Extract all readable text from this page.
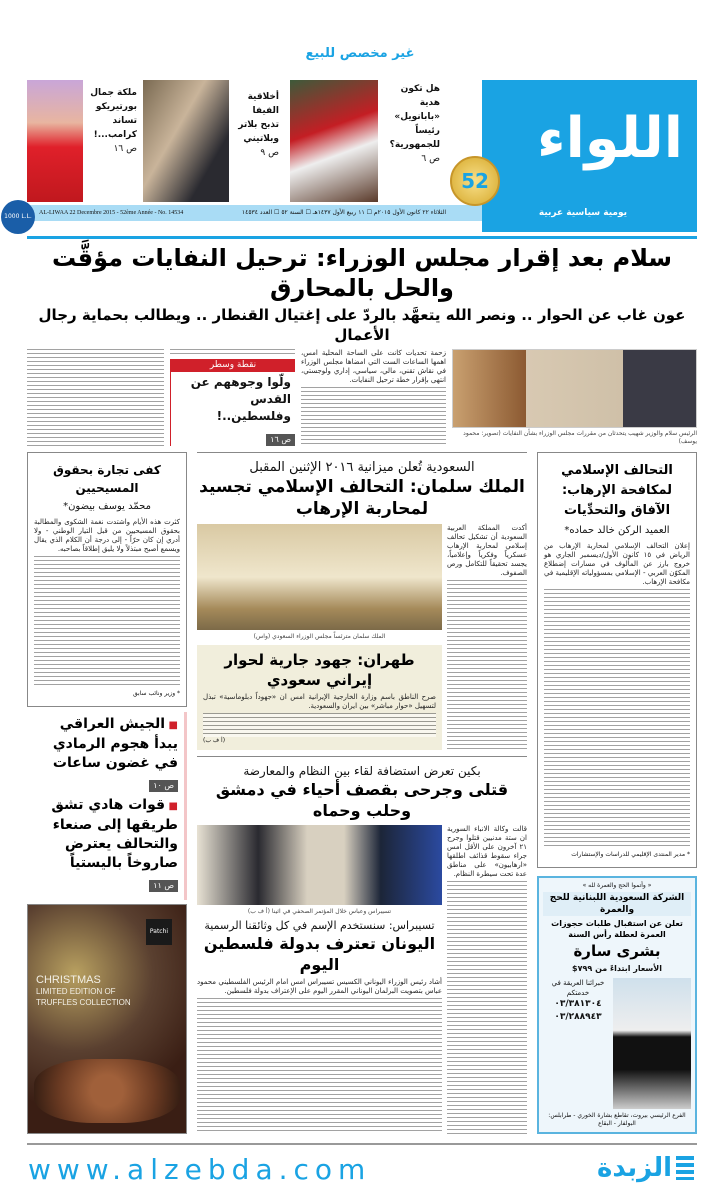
غير مخصص للبيع
اللواء
يومية سياسية عربية
الثلاثاء ٢٢ كانون الأول ٢٠١٥م ☐ ١١ ربيع الأول ١٤٣٧هـ ☐ السنة ٥٢ ☐ العدد ١٤٥٣٤
AL-LIWAA 22 Decembre 2015 - 52ème Année - No. 14534
1000 L.L.
52
هل تكون هدية «بابانويل» رئيساً للجمهورية؟
ص ٦
أخلاقية الفيفا تذبح بلاتر وبلاتيني
ص ٩
ملكة جمال بورتيريكو تساند كرامب...!
ص ١٦
سلام بعد إقرار مجلس الوزراء: ترحيل النفايات مؤقَّت والحل بالمحارق
عون غاب عن الحوار .. ونصر الله يتعهَّد بالردّ على إغتيال القنطار .. ويطالب بحماية رجال الأعمال
الرئيس سلام والوزير شهيب يتحدثان من مقررات مجلس الوزراء بشأن النفايات (تصوير: محمود يوسف)
زحمة تحديات كانت على الساحة المحلية امس، اهمها الساعات الست التي امضاها مجلس الوزراء في نقاش تقني، مالي، سياسي، إداري ولوجستي، انتهى بإقرار خطة ترحيل النفايات.
نقطة وسطر
ولّوا وجوههم عن القدس وفلسطين..!
ص ١٦
التحالف الإسلامي لمكافحة الإرهاب: الآفاق والتحدِّيات
العميد الركن خالد حماده*
إعلان التحالف الإسلامي لمحاربة الإرهاب من الرياض في ١٥ كانون الأول/ديسمبر الجاري هو خروج بارز عن المألوف في مسارات إضطلاع المكوّن العربي - الإسلامي بمسؤولياته الإقليمية في مكافحة الإرهاب.
* مدير المنتدى الإقليمي للدراسات والإستشارات
السعودية تُعلن ميزانية ٢٠١٦ الإثنين المقبل
الملك سلمان: التحالف الإسلامي تجسيد لمحاربة الإرهاب
أكدت المملكة العربية السعودية أن تشكيل تحالف إسلامي لمحاربة الإرهاب عسكرياً وفكرياً وإعلامياً، يجسد تحقيقاً للتكامل ورص الصفوف.
الملك سلمان مترئساً مجلس الوزراء السعودي (واس)
طهران: جهود جارية لحوار إيراني سعودي
صرح الناطق باسم وزارة الخارجية الإيرانية امس ان «جهوداً دبلوماسية» تبذل لتسهيل «حوار مباشر» بين ايران والسعودية.
(أ ف ب)
بكين تعرض استضافة لقاء بين النظام والمعارضة
قتلى وجرحى بقصف أحياء في دمشق وحلب وحماه
قالت وكالة الانباء السورية ان ستة مدنيين قتلوا وجرح ٢١ آخرون على الأقل امس جراء سقوط قذائف اطلقها «ارهابيون» على مناطق عدة تحت سيطرة النظام.
تسيبراس وعباس خلال المؤتمر الصحفي في اثينا (أ ف ب)
تسيبراس: سنستخدم الإسم في كل وثائقنا الرسمية
اليونان تعترف بدولة فلسطين اليوم
أشاد رئيس الوزراء اليوناني الكسيس تسيبراس امس امام الرئيس الفلسطيني محمود عباس بتصويت البرلمان اليوناني المقرر اليوم على الإعتراف بدولة فلسطين.
كفى تجارة بحقوق المسيحيين
محمّد يوسف بيضون*
كثرت هذه الأيام واشتدت نغمة الشكوى والمطالبة بحقوق المسيحيين من قبل التيار الوطني - ولا أدري إن كان حرّاً - إلى درجة أن الكلام الذي يقال ويسمع أصبح مبتذلاً ولا يليق إطلاقاً بصاحبه.
* وزير ونائب سابق
■ الجيش العراقي يبدأ هجوم الرمادي في غضون ساعات
ص ١٠
■ قوات هادي تشق طريقها إلى صنعاء والتحالف يعترض صاروخاً باليستياً
ص ١١
Patchi
CHRISTMAS
LIMITED EDITION OF
TRUFFLES COLLECTION
« وأتموا الحج والعمرة لله »
الشركة السعودية اللبنانية للحج والعمرة
تعلن عن استقبال طلبات حجوزات العمرة لعطلة رأس السنة
بشرى سارة
الأسعار ابتداءً من ٧٩٩$
خبرائنا العريقة في خدمتكم
٠٣/٣٨١٣٠٤
٠٣/٢٨٨٩٤٣
الفرع الرئيسي بيروت، تقاطع بشارة الخوري - طرابلس: البولفار - البقاع
www.alzebda.com	الزبدة
